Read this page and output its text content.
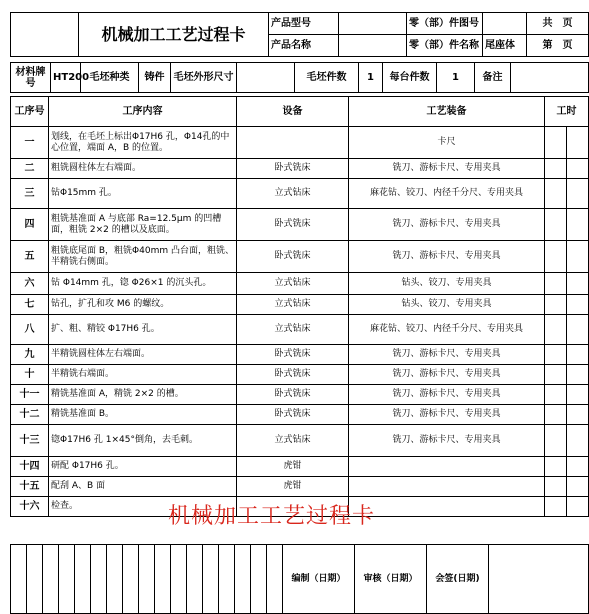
	机械加工工艺过程卡	产品型号		零（部）件图号		共　页
		产品名称		零（部）件名称	尾座体	第　页
材料牌号	HT200	毛坯种类	铸件	毛坯外形尺寸		毛坯件数	1	每台件数	1	备注	
工序号	工序内容	设备	工艺装备	工时	
一	划线，在毛坯上标出Φ17H6 孔，Φ14孔的中心位置，端面 A，B 的位置。		卡尺		
二	粗铣圆柱体左右端面。	卧式铣床	铣刀、游标卡尺、专用夹具		
三	钻Φ15mm 孔。	立式钻床	麻花钻、铰刀、内径千分尺、专用夹具		
四	粗铣基准面 A 与底部 Ra=12.5μm 的凹槽面，粗铣 2×2 的槽以及底面。	卧式铣床	铣刀、游标卡尺、专用夹具		
五	粗铣底尾面 B，粗铣Φ40mm 凸台面，粗铣、半精铣右侧面。	卧式铣床	铣刀、游标卡尺、专用夹具		
六	钻 Φ14mm 孔，锪 Φ26×1 的沉头孔。	立式钻床	钻头、铰刀、专用夹具		
七	钻孔，扩孔和攻 M6 的螺纹。	立式钻床	钻头、铰刀、专用夹具		
八	扩、粗、精铰 Φ17H6 孔。	立式钻床	麻花钻、铰刀、内径千分尺、专用夹具		
九	半精铣圆柱体左右端面。	卧式铣床	铣刀、游标卡尺、专用夹具		
十	半精铣右端面。	卧式铣床	铣刀、游标卡尺、专用夹具		
十一	精铣基准面 A，精铣 2×2 的槽。	卧式铣床	铣刀、游标卡尺、专用夹具		
十二	精铣基准面 B。	卧式铣床	铣刀、游标卡尺、专用夹具		
十三	锪Φ17H6 孔 1×45°倒角，去毛刺。	立式钻床	铣刀、游标卡尺、专用夹具		
十四	研配 Φ17H6 孔。	虎钳			
十五	配刮 A、B 面	虎钳			
十六	检查。				
																	编制（日期）	审核（日期）	会签(日期)	
机械加工工艺过程卡
